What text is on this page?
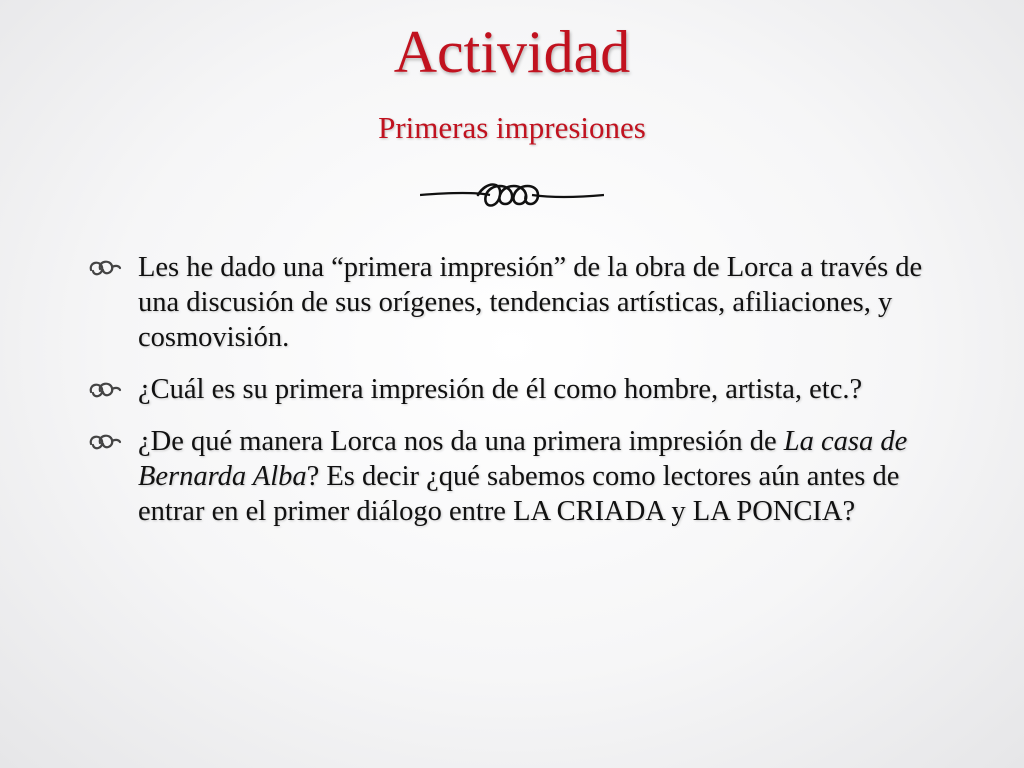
Actividad
Primeras impresiones
Les he dado una “primera impresión” de la obra de Lorca a través de una discusión de sus orígenes, tendencias artísticas, afiliaciones, y cosmovisión.
¿Cuál es su primera impresión de él como hombre, artista, etc.?
¿De qué manera Lorca nos da una primera impresión de La casa de Bernarda Alba? Es decir ¿qué sabemos como lectores aún antes de entrar en el primer diálogo entre LA CRIADA y LA PONCIA?
